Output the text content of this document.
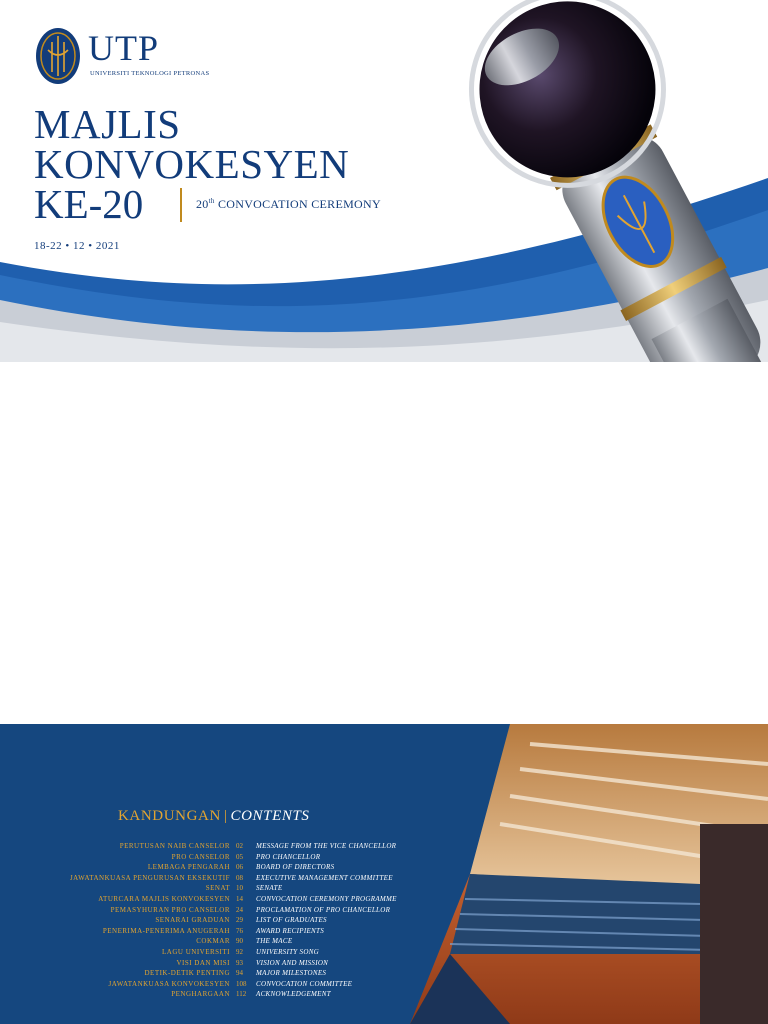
UTP
UNIVERSITI TEKNOLOGI PETRONAS
MAJLIS
KONVOKESYEN
KE-20	20th CONVOCATION CEREMONY
18-22 • 12 • 2021
KANDUNGAN | CONTENTS
PERUTUSAN NAIB CANSELOR 02	MESSAGE FROM THE VICE CHANCELLOR
PRO CANSELOR 05	PRO CHANCELLOR
LEMBAGA PENGARAH 06	BOARD OF DIRECTORS
JAWATANKUASA PENGURUSAN EKSEKUTIF 08	EXECUTIVE MANAGEMENT COMMITTEE
SENAT 10	SENATE
ATURCARA MAJLIS KONVOKESYEN 14	CONVOCATION CEREMONY PROGRAMME
PEMASYHURAN PRO CANSELOR 24	PROCLAMATION OF PRO CHANCELLOR
SENARAI GRADUAN 29	LIST OF GRADUATES
PENERIMA-PENERIMA ANUGERAH 76	AWARD RECIPIENTS
COKMAR 90	THE MACE
LAGU UNIVERSITI 92	UNIVERSITY SONG
VISI DAN MISI 93	VISION AND MISSION
DETIK-DETIK PENTING 94	MAJOR MILESTONES
JAWATANKUASA KONVOKESYEN 108	CONVOCATION COMMITTEE
PENGHARGAAN 112	ACKNOWLEDGEMENT
